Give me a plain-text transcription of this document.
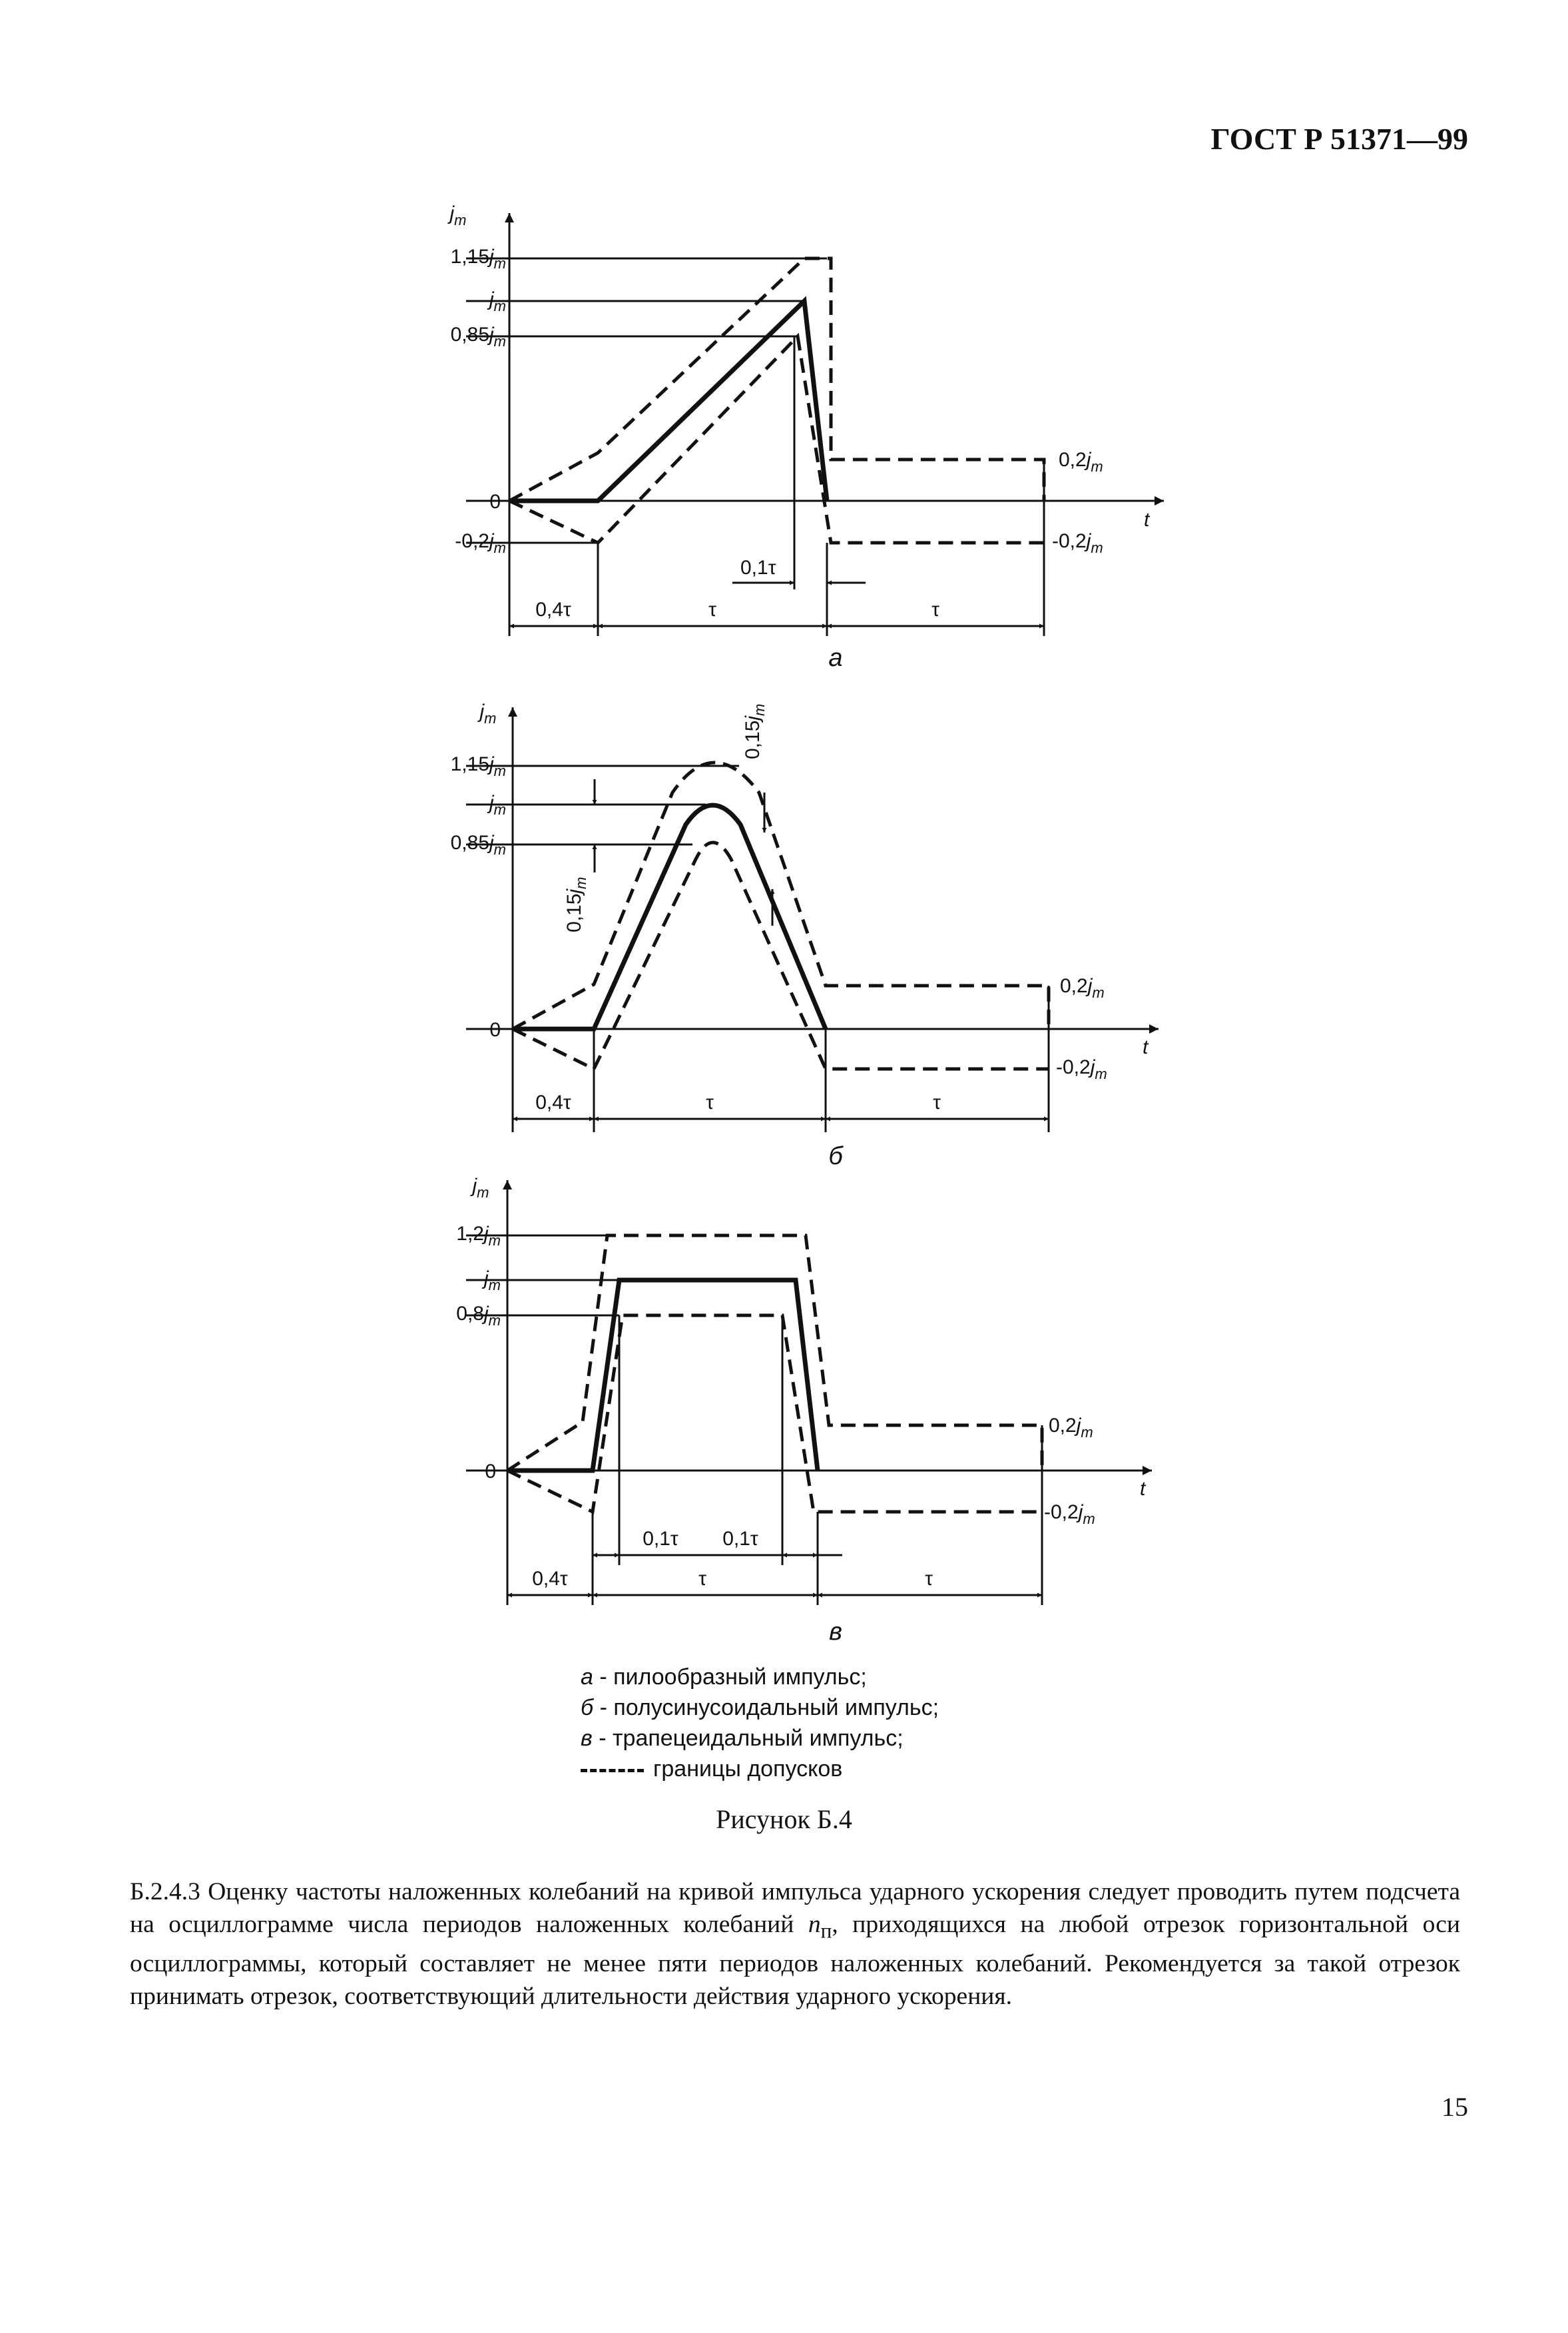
ГОСТ Р 51371—99
$j_m$
t
$1,15j_m$
$j_m$
$0,85j_m$
0
$-0,2j_m$
$0,2j_m$
$-0,2j_m$
0,1τ
0,4τ	τ	τ
а
$j_m$
t
$1,15j_m$
$j_m$
$0,85j_m$
0
$0,2j_m$
$-0,2j_m$
$0,15j_m$
$0,15j_m$
0,4τ	τ	τ
б
$j_m$
t
$1,2j_m$
$j_m$
$0,8j_m$
0
$0,2j_m$
$-0,2j_m$
0,1τ 0,1τ
0,4τ	τ	τ
в
а - пилообразный импульс;
б - полусинусоидальный импульс;
в - трапецеидальный импульс;
границы допусков
Рисунок Б.4

Б.2.4.3 Оценку частоты наложенных колебаний на кривой импульса ударного ускорения следует проводить путем подсчета на осциллограмме числа периодов наложенных колебаний $n_п$, приходящихся на любой отрезок горизонтальной оси осциллограммы, который составляет не менее пяти периодов наложенных колебаний. Рекомендуется за такой отрезок принимать отрезок, соответствующий длительности действия ударного ускорения.

15
